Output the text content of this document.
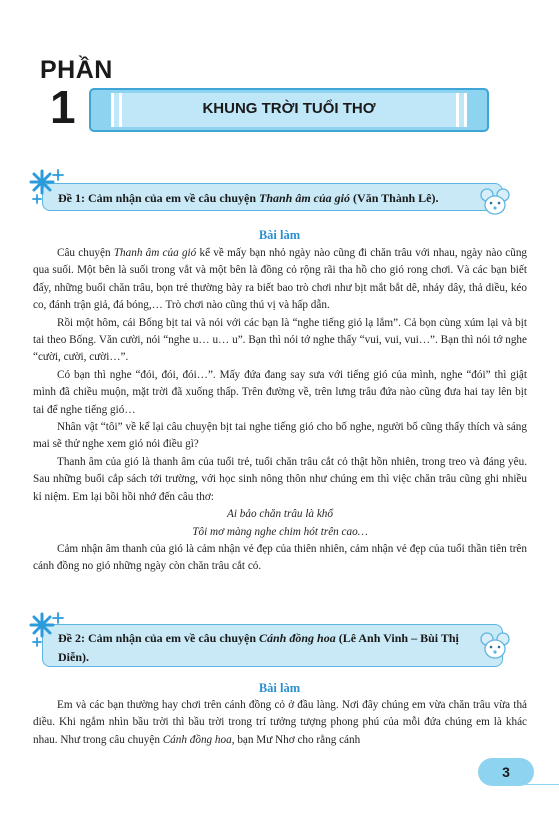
PHẦN
1	KHUNG TRỜI TUỔI THƠ
Đề 1: Cảm nhận của em về câu chuyện Thanh âm của gió (Văn Thành Lê).
Bài làm

Câu chuyện Thanh âm của gió kể về mấy bạn nhỏ ngày nào cũng đi chăn trâu với nhau, ngày nào cũng qua suối. Một bên là suối trong vắt và một bên là đồng cỏ rộng rãi tha hồ cho gió rong chơi. Và các bạn biết đấy, những buổi chăn trâu, bọn trẻ thường bày ra biết bao trò chơi như bịt mắt bắt dê, nhảy dây, thả diều, kéo co, đánh trận giả, đá bóng,… Trò chơi nào cũng thú vị và hấp dẫn.

Rồi một hôm, cái Bống bịt tai và nói với các bạn là “nghe tiếng gió lạ lắm”. Cả bọn cùng xúm lại và bịt tai theo Bống. Văn cười, nói “nghe u… u… u”. Bạn thì nói tớ nghe thấy “vui, vui, vui…”. Bạn thì nói tớ nghe “cười, cười, cười…”.

Có bạn thì nghe “đói, đói, đói…”. Mấy đứa đang say sưa với tiếng gió của mình, nghe “đói” thì giật mình đã chiều muộn, mặt trời đã xuống thấp. Trên đường về, trên lưng trâu đứa nào cũng đưa hai tay lên bịt tai để nghe tiếng gió…

Nhân vật “tôi” về kể lại câu chuyện bịt tai nghe tiếng gió cho bố nghe, người bố cũng thấy thích và sáng mai sẽ thử nghe xem gió nói điều gì?

Thanh âm của gió là thanh âm của tuổi trẻ, tuổi chăn trâu cắt cỏ thật hồn nhiên, trong treo và đáng yêu. Sau những buổi cắp sách tới trường, với học sinh nông thôn như chúng em thì việc chăn trâu cũng ghi nhiều kỉ niệm. Em lại bồi hồi nhớ đến câu thơ:

Ai bảo chăn trâu là khổ

Tôi mơ màng nghe chim hót trên cao…

Cảm nhận âm thanh của gió là cảm nhận vẻ đẹp của thiên nhiên, cảm nhận vẻ đẹp của tuổi thần tiên trên cánh đồng no gió những ngày còn chăn trâu cắt cỏ.

Đề 2: Cảm nhận của em về câu chuyện Cánh đồng hoa (Lê Anh Vinh – Bùi Thị Diễn).
Bài làm

Em và các bạn thường hay chơi trên cánh đồng cỏ ở đầu làng. Nơi đây chúng em vừa chăn trâu vừa thả diều. Khi ngắm nhìn bầu trời thì bầu trời trong trí tưởng tượng phong phú của mỗi đứa chúng em là khác nhau. Như trong câu chuyện Cánh đồng hoa, bạn Mư Nhơ cho rằng cánh

3
